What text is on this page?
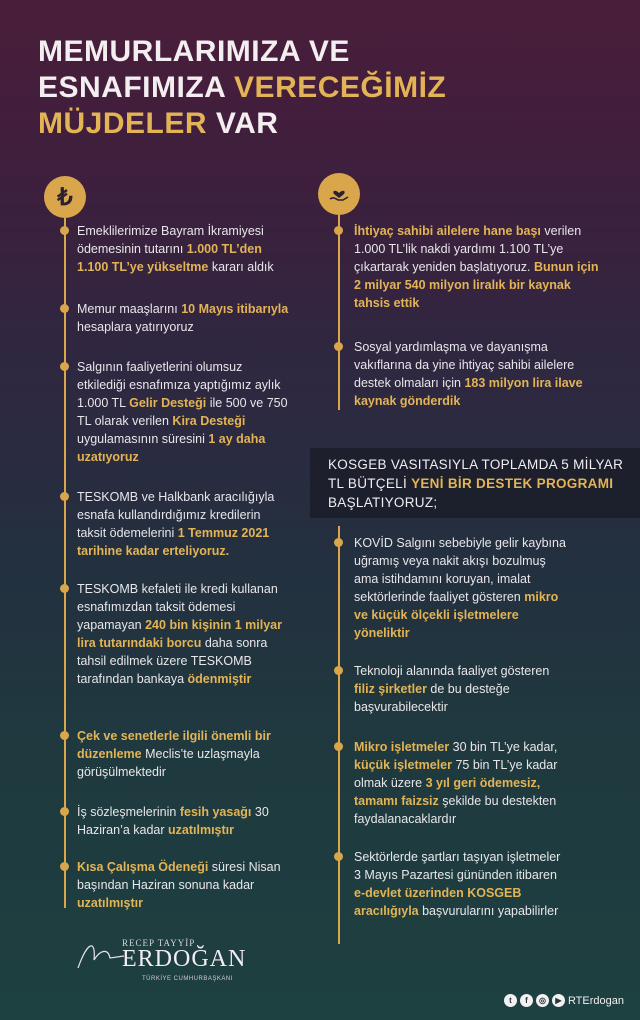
MEMURLARIMIZA VE
ESNAFIMIZA VERECEĞİMİZ
MÜJDELER VAR
₺
KOSGEB VASITASIYLA TOPLAMDA 5 MİLYAR TL BÜTÇELİ YENİ BİR DESTEK PROGRAMI BAŞLATIYORUZ;
Emeklilerimize Bayram İkramiyesi ödemesinin tutarını 1.000 TL’den 1.100 TL’ye yükseltme kararı aldık
Memur maaşlarını 10 Mayıs itibarıyla hesaplara yatırıyoruz
Salgının faaliyetlerini olumsuz etkilediği esnafımıza yaptığımız aylık 1.000 TL Gelir Desteği ile 500 ve 750 TL olarak verilen Kira Desteği uygulamasının süresini 1 ay daha uzatıyoruz
TESKOMB ve Halkbank aracılığıyla esnafa kullandırdığımız kredilerin taksit ödemelerini 1 Temmuz 2021 tarihine kadar erteliyoruz.
TESKOMB kefaleti ile kredi kullanan esnafımızdan taksit ödemesi yapamayan 240 bin kişinin 1 milyar lira tutarındaki borcu daha sonra tahsil edilmek üzere TESKOMB tarafından bankaya ödenmiştir
Çek ve senetlerle ilgili önemli bir düzenleme Meclis’te uzlaşmayla görüşülmektedir
İş sözleşmelerinin fesih yasağı 30 Haziran’a kadar uzatılmıştır
Kısa Çalışma Ödeneği süresi Nisan başından Haziran sonuna kadar uzatılmıştır
İhtiyaç sahibi ailelere hane başı verilen 1.000 TL’lik nakdi yardımı 1.100 TL’ye çıkartarak yeniden başlatıyoruz. Bunun için 2 milyar 540 milyon liralık bir kaynak tahsis ettik
Sosyal yardımlaşma ve dayanışma vakıflarına da yine ihtiyaç sahibi ailelere destek olmaları için 183 milyon lira ilave kaynak gönderdik
KOVİD Salgını sebebiyle gelir kaybına uğramış veya nakit akışı bozulmuş ama istihdamını koruyan, imalat sektörlerinde faaliyet gösteren mikro ve küçük ölçekli işletmelere yöneliktir
Teknoloji alanında faaliyet gösteren filiz şirketler de bu desteğe başvurabilecektir
Mikro işletmeler 30 bin TL’ye kadar, küçük işletmeler 75 bin TL’ye kadar olmak üzere 3 yıl geri ödemesiz, tamamı faizsiz şekilde bu destekten faydalanacaklardır
Sektörlerde şartları taşıyan işletmeler 3 Mayıs Pazartesi gününden itibaren e-devlet üzerinden KOSGEB aracılığıyla başvurularını yapabilirler
RECEP TAYYİP
ERDOĞAN
TÜRKİYE CUMHURBAŞKANI
t	f	◎	▶ RTErdogan
